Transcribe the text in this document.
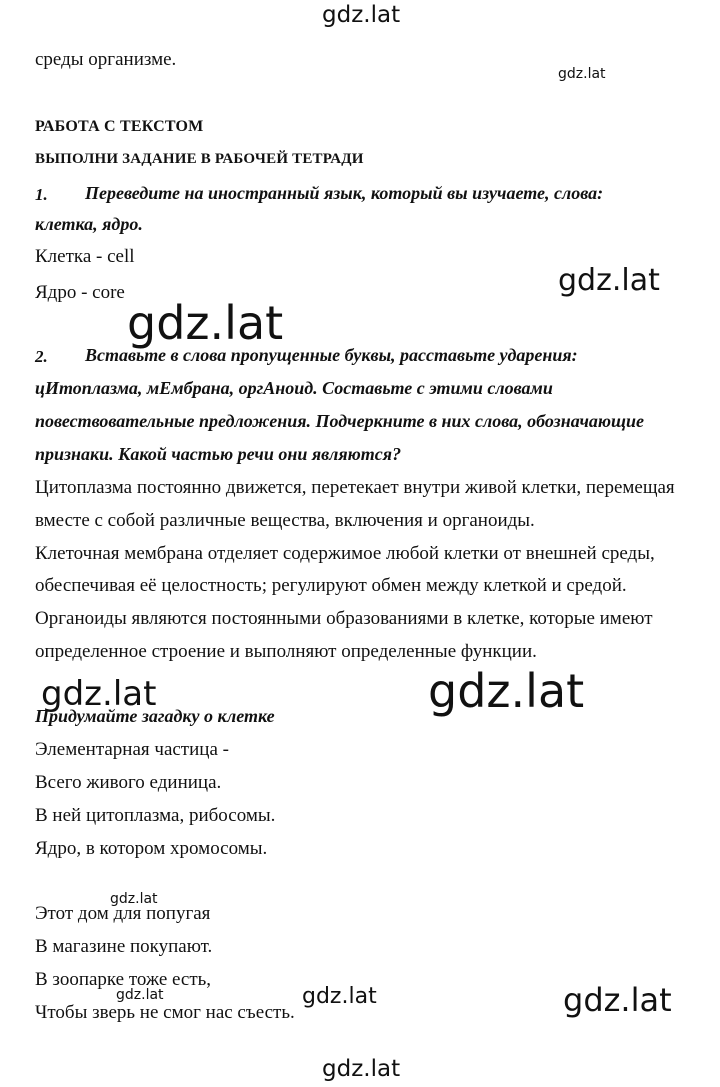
gdz.lat
gdz.lat
gdz.lat
gdz.lat
gdz.lat	gdz.lat
gdz.lat
gdz.lat	gdz.lat	gdz.lat
gdz.lat
среды организме.
РАБОТА С ТЕКСТОМ
ВЫПОЛНИ ЗАДАНИЕ В РАБОЧЕЙ ТЕТРАДИ
1. Переведите на иностранный язык, который вы изучаете, слова:
клетка, ядро.
Клетка - cell
Ядро - core
2. Вставьте в слова пропущенные буквы, расставьте ударения:
цИтоплазма, мЕмбрана, оргАноид. Составьте с этими словами
повествовательные предложения. Подчеркните в них слова, обозначающие
признаки. Какой частью речи они являются?
Цитоплазма постоянно движется, перетекает внутри живой клетки, перемещая
вместе с собой различные вещества, включения и органоиды.
Клеточная мембрана отделяет содержимое любой клетки от внешней среды,
обеспечивая её целостность; регулируют обмен между клеткой и средой.
Органоиды являются постоянными образованиями в клетке, которые имеют
определенное строение и выполняют определенные функции.
Придумайте загадку о клетке
Элементарная частица -
Всего живого единица.
В ней цитоплазма, рибосомы.
Ядро, в котором хромосомы.
Этот дом для попугая
В магазине покупают.
В зоопарке тоже есть,
Чтобы зверь не смог нас съесть.
